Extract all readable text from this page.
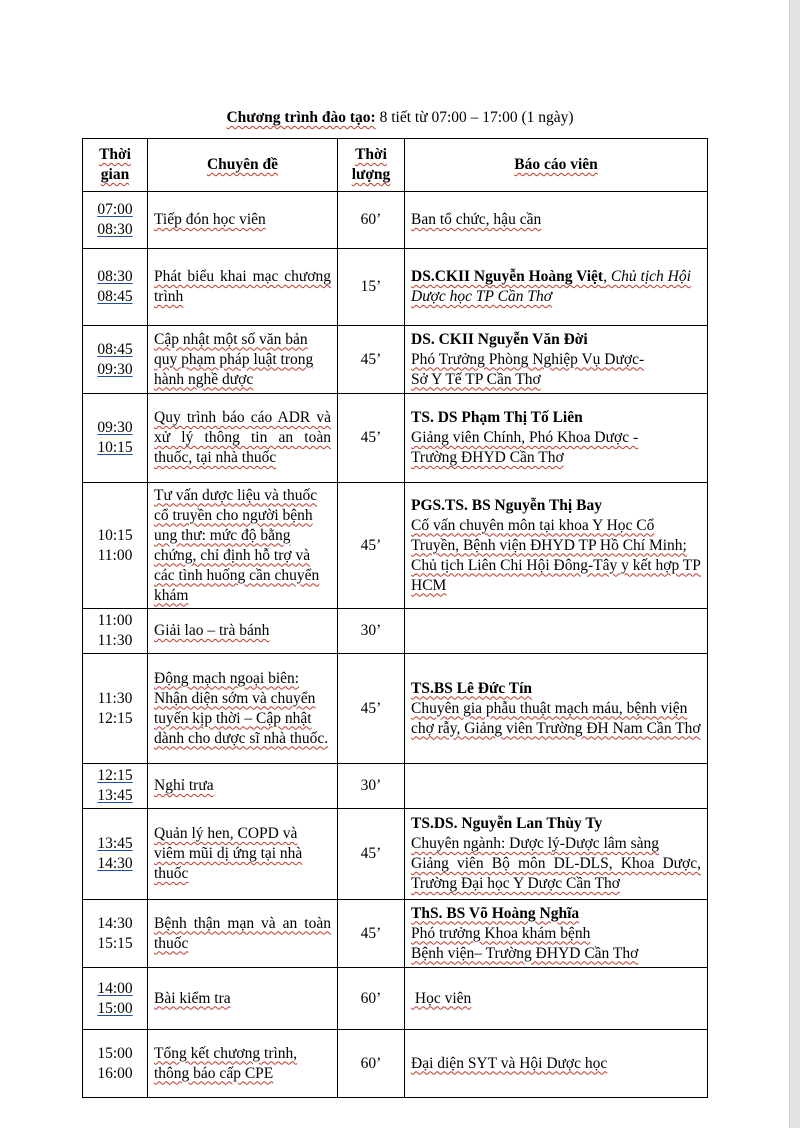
Chương trình đào tạo: 8 tiết từ 07:00 – 17:00 (1 ngày)
Thời gian	Chuyên đề	Thời lượng	Báo cáo viên
07:00
08:30	Tiếp đón học viên	60’	Ban tổ chức, hậu cần
08:30
08:45	Phát biểu khai mạc chương trình	15’	DS.CKII Nguyễn Hoàng Việt, Chủ tịch Hội Dược học TP Cần Thơ
08:45
09:30	Cập nhật một số văn bản quy phạm pháp luật trong hành nghề dược	45’	DS. CKII Nguyễn Văn Đời
Phó Trưởng Phòng Nghiệp Vụ Dược-
Sở Y Tế TP Cần Thơ
09:30
10:15	Quy trình báo cáo ADR và xử lý thông tin an toàn thuốc, tại nhà thuốc	45’	TS. DS Phạm Thị Tố Liên
Giảng viên Chính, Phó Khoa Dược -
Trường ĐHYD Cần Thơ
10:15
11:00	Tư vấn dược liệu và thuốc cổ truyền cho người bệnh ung thư: mức độ bằng chứng, chỉ định hỗ trợ và các tình huống cần chuyển khám	45’	PGS.TS. BS Nguyễn Thị Bay
Cố vấn chuyên môn tại khoa Y Học Cổ Truyền, Bệnh viện ĐHYD TP Hồ Chí Minh; Chủ tịch Liên Chi Hội Đông-Tây y kết hợp TP HCM
11:00
11:30	Giải lao – trà bánh	30’	
11:30
12:15	Động mạch ngoại biên: Nhận diện sớm và chuyển tuyến kịp thời – Cập nhật dành cho dược sĩ nhà thuốc.	45’	TS.BS Lê Đức Tín
Chuyên gia phẫu thuật mạch máu, bệnh viện chợ rẫy, Giảng viên Trường ĐH Nam Cần Thơ
12:15
13:45	Nghỉ trưa	30’	
13:45
14:30	Quản lý hen, COPD và viêm mũi dị ứng tại nhà thuốc	45’	TS.DS. Nguyễn Lan Thùy Ty
Chuyên ngành: Dược lý-Dược lâm sàng
Giảng viên Bộ môn DL-DLS, Khoa Dược, Trường Đại học Y Dược Cần Thơ
14:30
15:15	Bệnh thận mạn và an toàn thuốc	45’	ThS. BS Võ Hoàng Nghĩa
Phó trưởng Khoa khám bệnh
Bệnh viện– Trường ĐHYD Cần Thơ
14:00
15:00	Bài kiểm tra	60’	Học viên
15:00
16:00	Tổng kết chương trình, thông báo cấp CPE	60’	Đại diện SYT và Hội Dược học
